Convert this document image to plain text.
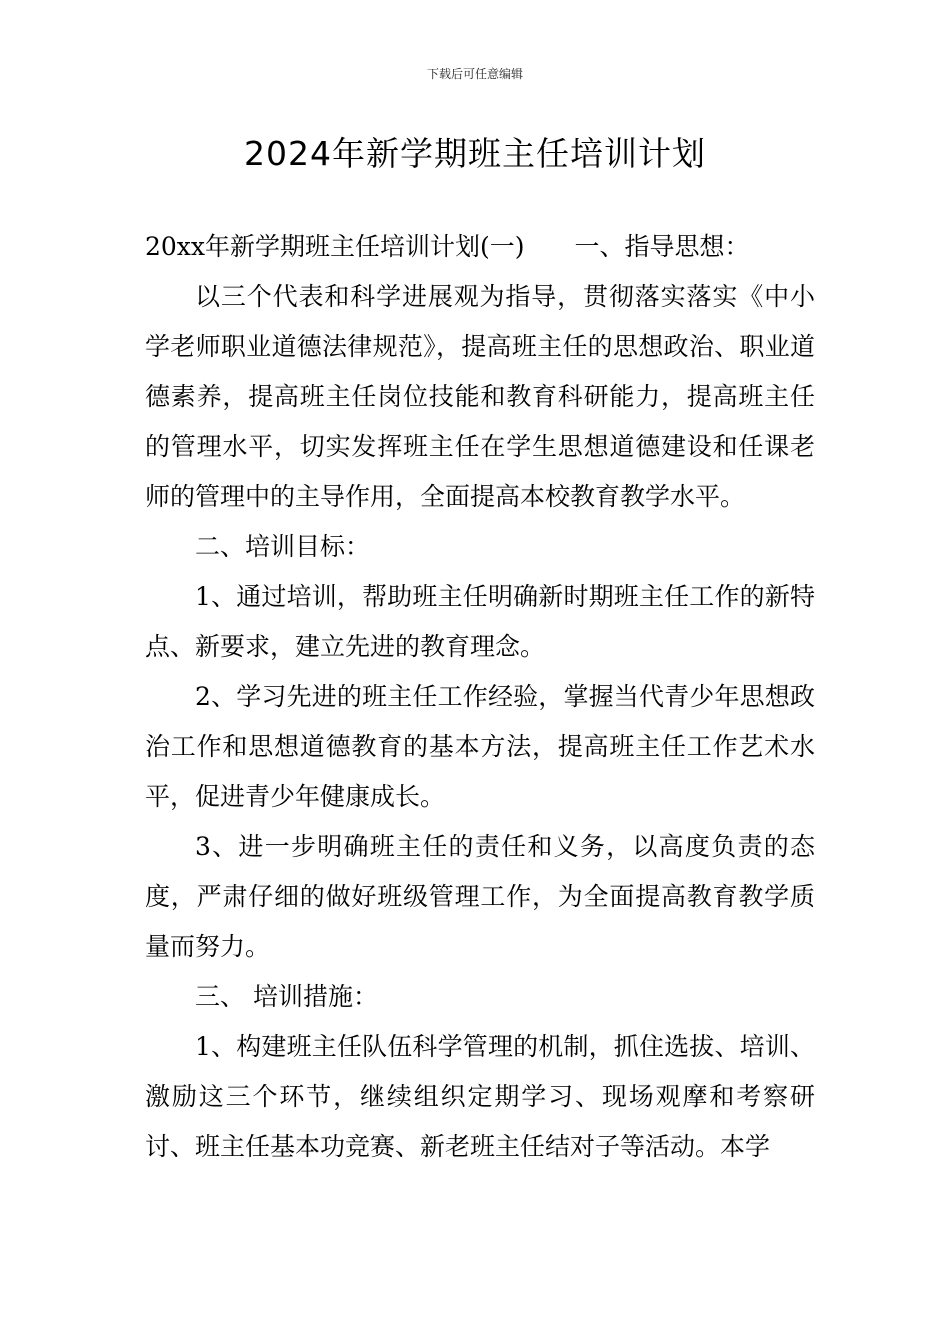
下载后可任意编辑
2024年新学期班主任培训计划

20xx年新学期班主任培训计划(一) 一、指导思想：

以三个代表和科学进展观为指导，贯彻落实落实《中小学老师职业道德法律规范》，提高班主任的思想政治、职业道德素养，提高班主任岗位技能和教育科研能力，提高班主任的管理水平，切实发挥班主任在学生思想道德建设和任课老师的管理中的主导作用，全面提高本校教育教学水平。

二、培训目标：

1、通过培训，帮助班主任明确新时期班主任工作的新特点、新要求，建立先进的教育理念。

2、学习先进的班主任工作经验，掌握当代青少年思想政治工作和思想道德教育的基本方法，提高班主任工作艺术水平，促进青少年健康成长。

3、进一步明确班主任的责任和义务，以高度负责的态度，严肃仔细的做好班级管理工作，为全面提高教育教学质量而努力。

三、 培训措施：

1、构建班主任队伍科学管理的机制，抓住选拔、培训、激励这三个环节，继续组织定期学习、现场观摩和考察研讨、班主任基本功竞赛、新老班主任结对子等活动。本学
